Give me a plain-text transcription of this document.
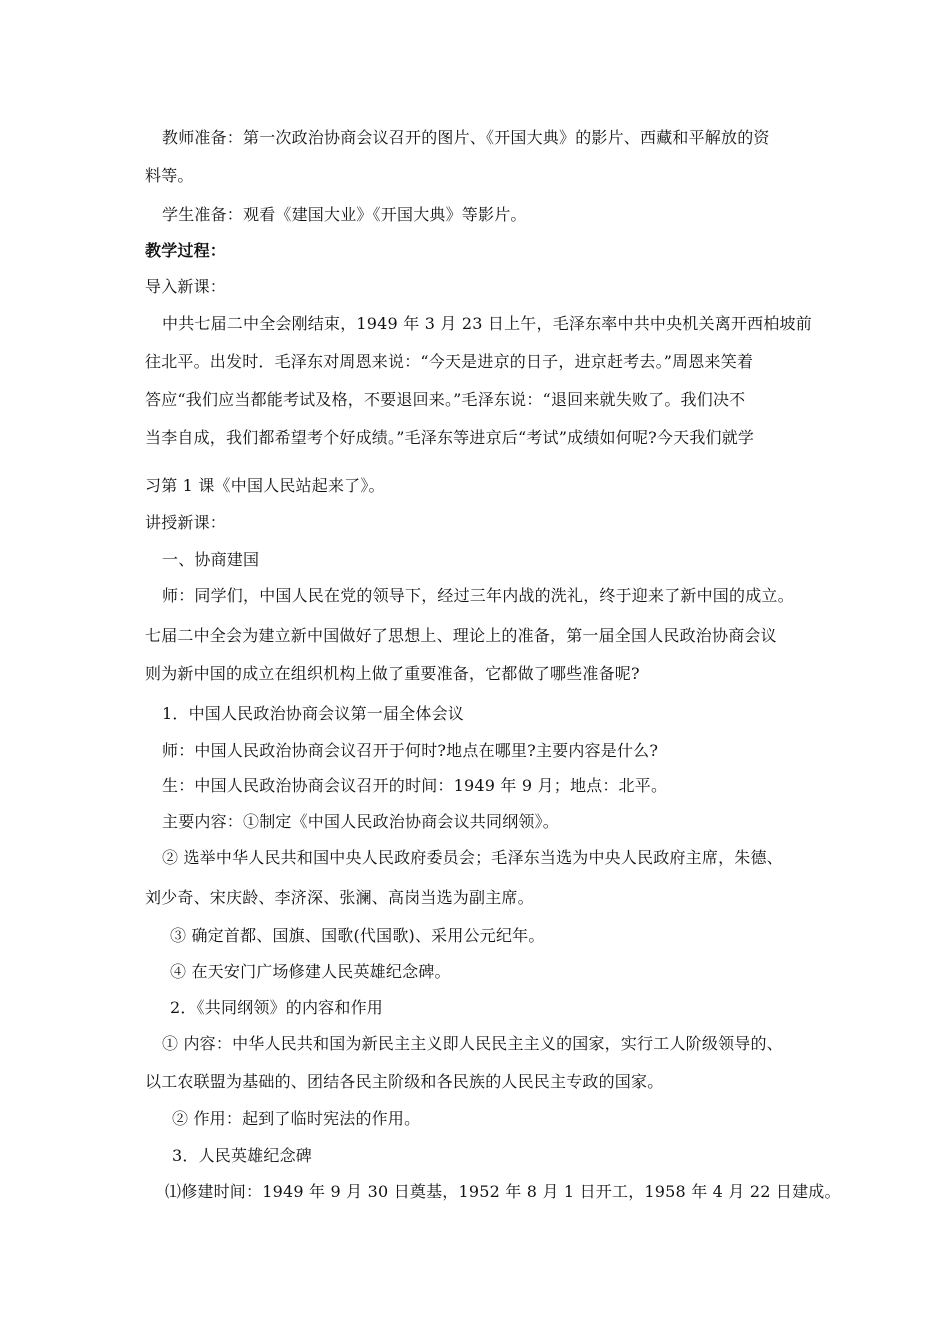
教师准备：第一次政治协商会议召开的图片、《开国大典》的影片、西藏和平解放的资
料等。
学生准备：观看《建国大业》《开国大典》等影片。
教学过程：
导入新课：
中共七届二中全会刚结束，1949 年 3 月 23 日上午，毛泽东率中共中央机关离开西柏坡前
往北平。出发时．毛泽东对周恩来说：“今天是进京的日子，进京赶考去。”周恩来笑着
答应“我们应当都能考试及格，不要退回来。”毛泽东说：“退回来就失败了。我们决不
当李自成，我们都希望考个好成绩。”毛泽东等进京后“考试”成绩如何呢?今天我们就学
习第 1 课《中国人民站起来了》。
讲授新课：
一、协商建国
师：同学们，中国人民在党的领导下，经过三年内战的洗礼，终于迎来了新中国的成立。
七届二中全会为建立新中国做好了思想上、理论上的准备，第一届全国人民政治协商会议
则为新中国的成立在组织机构上做了重要准备，它都做了哪些准备呢?
1．中国人民政治协商会议第一届全体会议
师：中国人民政治协商会议召开于何时?地点在哪里?主要内容是什么?
生：中国人民政治协商会议召开的时间：1949 年 9 月；地点：北平。
主要内容：①制定《中国人民政治协商会议共同纲领》。
② 选举中华人民共和国中央人民政府委员会；毛泽东当选为中央人民政府主席，朱德、
刘少奇、宋庆龄、李济深、张澜、高岗当选为副主席。
③ 确定首都、国旗、国歌(代国歌)、采用公元纪年。
④ 在天安门广场修建人民英雄纪念碑。
2．《共同纲领》的内容和作用
① 内容：中华人民共和国为新民主主义即人民民主主义的国家，实行工人阶级领导的、
以工农联盟为基础的、团结各民主阶级和各民族的人民民主专政的国家。
② 作用：起到了临时宪法的作用。
3．人民英雄纪念碑
⑴修建时间：1949 年 9 月 30 日奠基，1952 年 8 月 1 日开工，1958 年 4 月 22 日建成。
